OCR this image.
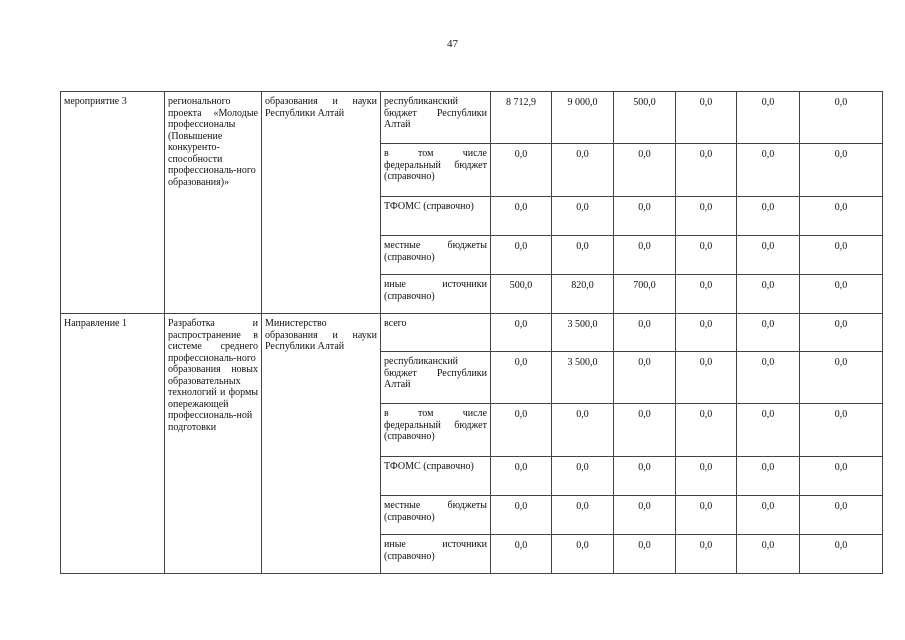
47
мероприятие 3	регионального проекта «Молодые профессионалы (Повышение конкуренто-способности профессиональ-ного образования)»	образования и науки Республики Алтай	республиканский бюджет Республики Алтай	8 712,9	9 000,0	500,0	0,0	0,0	0,0
			в том числе федеральный бюджет (справочно)	0,0	0,0	0,0	0,0	0,0	0,0
			ТФОМС (справочно)	0,0	0,0	0,0	0,0	0,0	0,0
			местные бюджеты (справочно)	0,0	0,0	0,0	0,0	0,0	0,0
			иные источники (справочно)	500,0	820,0	700,0	0,0	0,0	0,0
Направление 1	Разработка и распространение в системе среднего профессиональ-ного образования новых образовательных технологий и формы опережающей профессиональ-ной подготовки	Министерство образования и науки Республики Алтай	всего	0,0	3 500,0	0,0	0,0	0,0	0,0
			республиканский бюджет Республики Алтай	0,0	3 500,0	0,0	0,0	0,0	0,0
			в том числе федеральный бюджет (справочно)	0,0	0,0	0,0	0,0	0,0	0,0
			ТФОМС (справочно)	0,0	0,0	0,0	0,0	0,0	0,0
			местные бюджеты (справочно)	0,0	0,0	0,0	0,0	0,0	0,0
			иные источники (справочно)	0,0	0,0	0,0	0,0	0,0	0,0
